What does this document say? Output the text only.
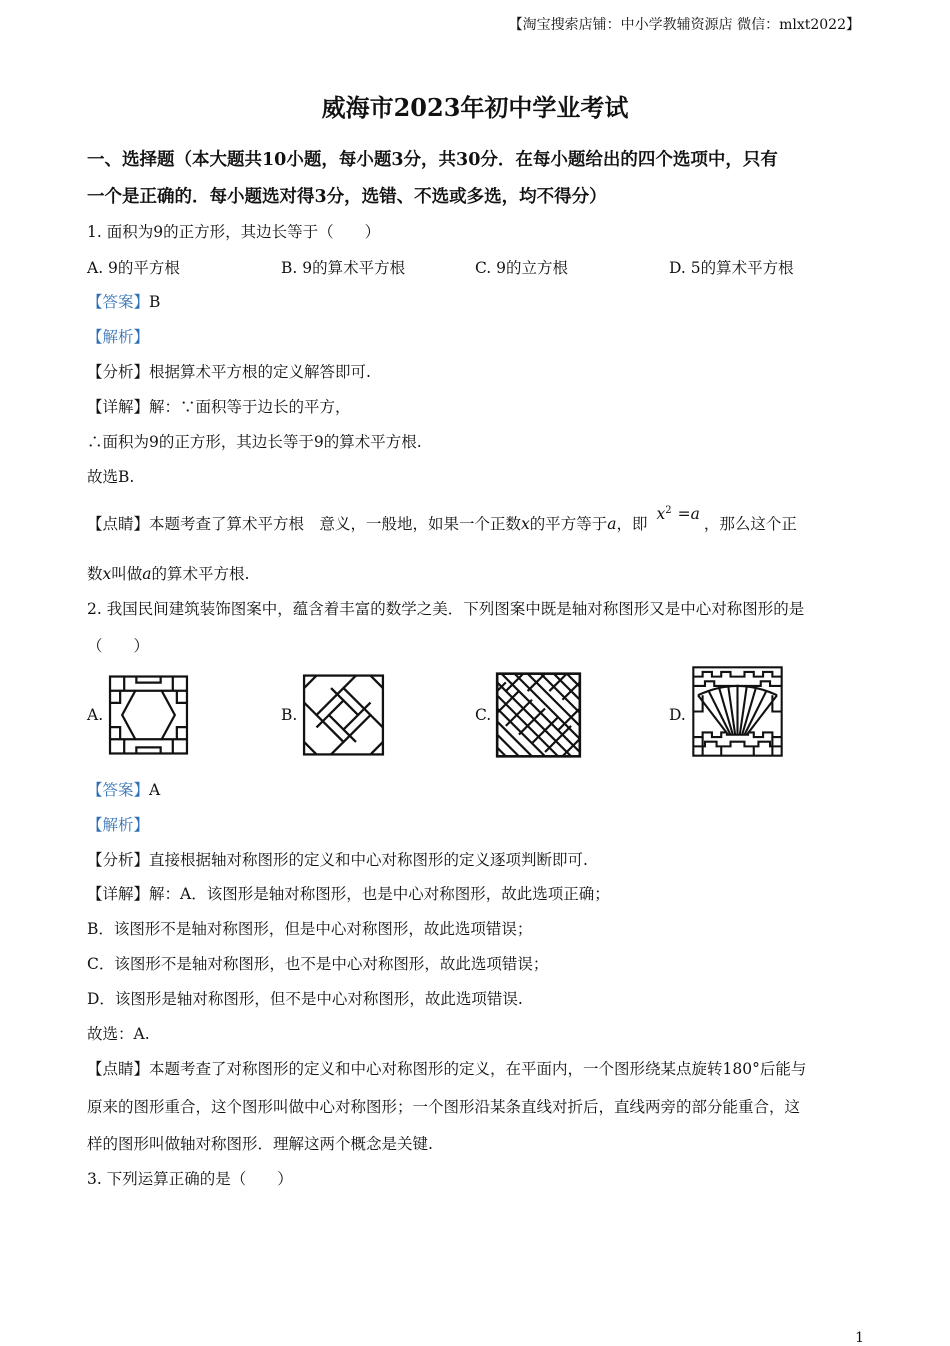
【淘宝搜索店铺：中小学教辅资源店 微信：mlxt2022】
威海市2023年初中学业考试
一、选择题（本大题共10小题，每小题3分，共30分．在每小题给出的四个选项中，只有
一个是正确的．每小题选对得3分，选错、不选或多选，均不得分）
1. 面积为9的正方形，其边长等于（　　）
A. 9的平方根	B. 9的算术平方根	C. 9的立方根	D. 5的算术平方根
【答案】B
【解析】
【分析】根据算术平方根的定义解答即可.
【详解】解：∵面积等于边长的平方，
∴面积为9的正方形，其边长等于9的算术平方根.
故选B.
【点睛】本题考查了算术平方根　意义，一般地，如果一个正数x的平方等于a，即 $x^2 =a$，那么这个正
数x叫做a的算术平方根.
2. 我国民间建筑装饰图案中，蕴含着丰富的数学之美．下列图案中既是轴对称图形又是中心对称图形的是
（　　）
A.	B.	C.	D.
【答案】A
【解析】
【分析】直接根据轴对称图形的定义和中心对称图形的定义逐项判断即可.
【详解】解：A．该图形是轴对称图形，也是中心对称图形，故此选项正确；
B．该图形不是轴对称图形，但是中心对称图形，故此选项错误；
C．该图形不是轴对称图形，也不是中心对称图形，故此选项错误；
D．该图形是轴对称图形，但不是中心对称图形，故此选项错误.
故选：A.
【点睛】本题考查了对称图形的定义和中心对称图形的定义，在平面内，一个图形绕某点旋转180°后能与
原来的图形重合，这个图形叫做中心对称图形；一个图形沿某条直线对折后，直线两旁的部分能重合，这
样的图形叫做轴对称图形．理解这两个概念是关键.
3. 下列运算正确的是（　　）
1
